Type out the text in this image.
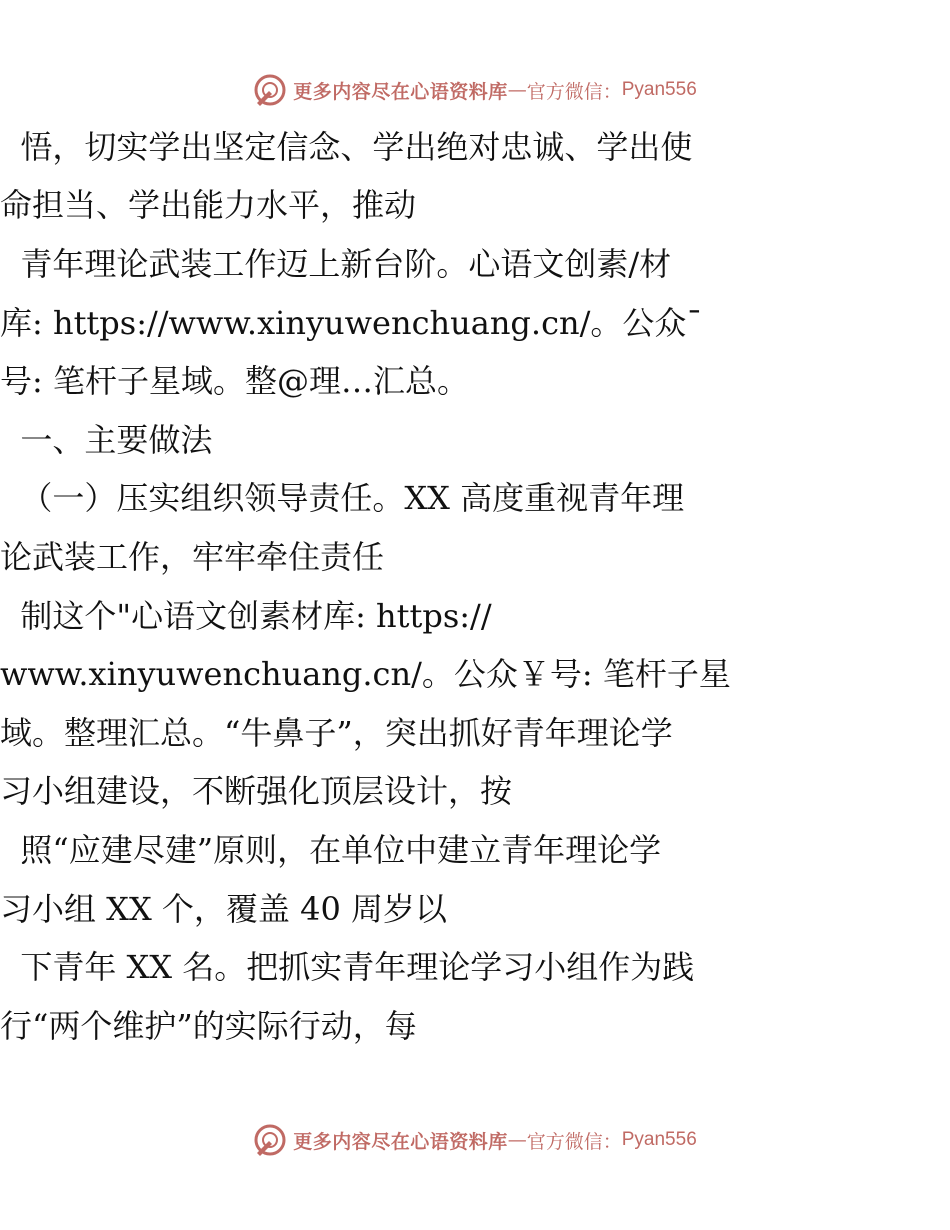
更多内容尽在心语资料库 — 官方微信： Pyan556
悟，切实学出坚定信念、学出绝对忠诚、学出使
命担当、学出能力水平，推动
青年理论武装工作迈上新台阶。心语文创素/材
库: https://www.xinyuwenchuang.cn/。公众¯
号: 笔杆子星域。整@理…汇总。
一、主要做法
（一）压实组织领导责任。XX 高度重视青年理
论武装工作，牢牢牵住责任
制这个"心语文创素材库: https://
www.xinyuwenchuang.cn/。公众￥号: 笔杆子星
域。整理汇总。“牛鼻子”，突出抓好青年理论学
习小组建设，不断强化顶层设计，按
照“应建尽建”原则，在单位中建立青年理论学
习小组 XX 个，覆盖 40 周岁以
下青年 XX 名。把抓实青年理论学习小组作为践
行“两个维护”的实际行动，每
更多内容尽在心语资料库 — 官方微信： Pyan556
